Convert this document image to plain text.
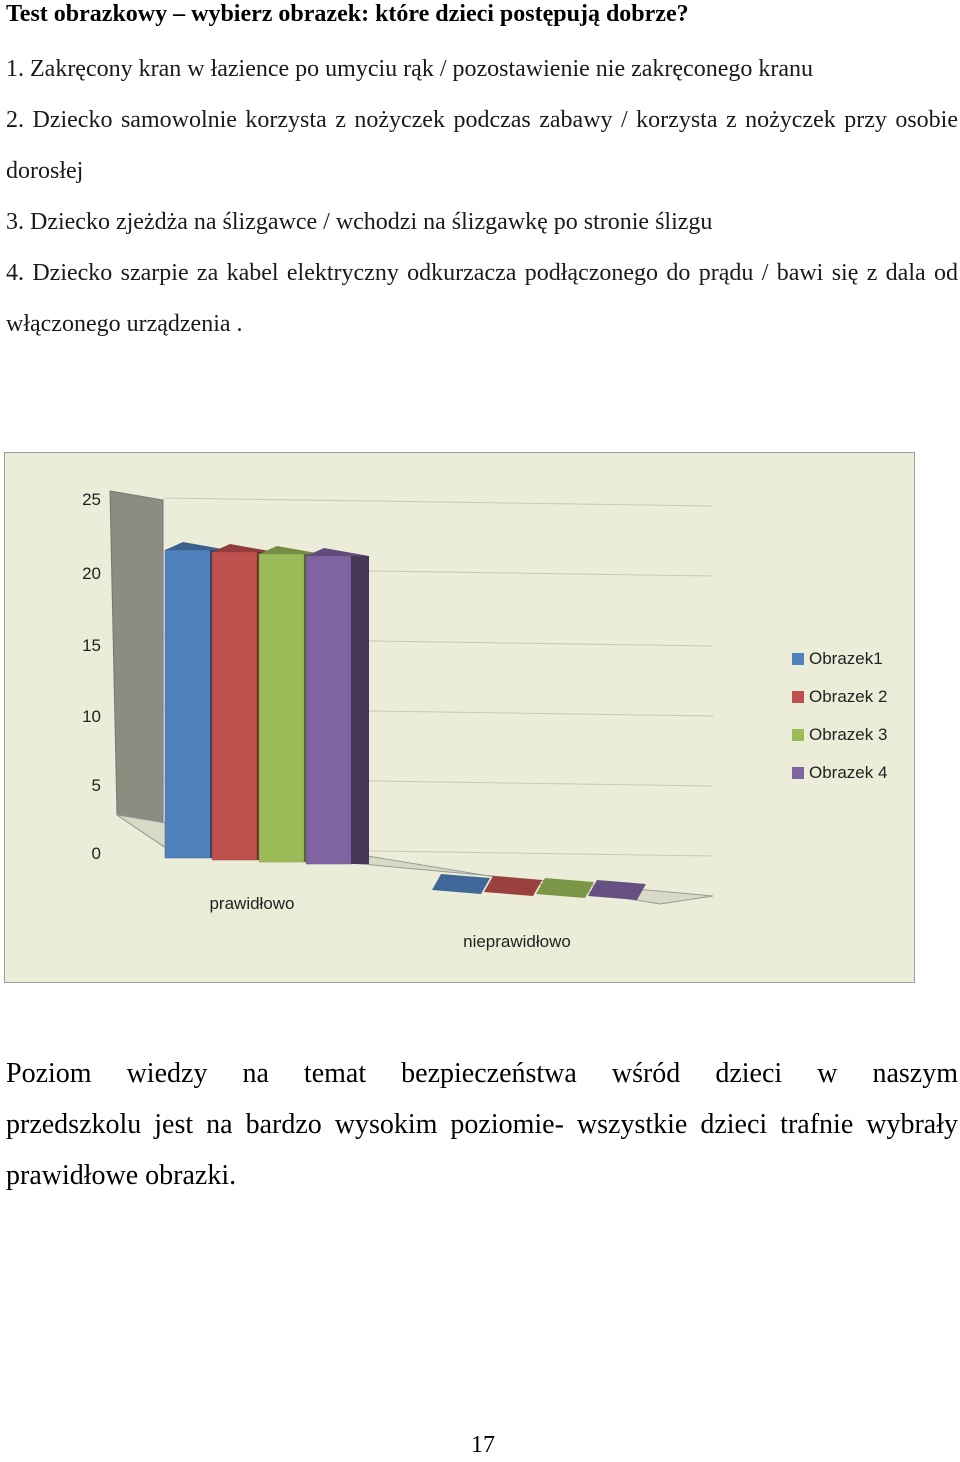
Test obrazkowy – wybierz obrazek: które dzieci postępują dobrze?
1. Zakręcony kran w łazience po umyciu rąk / pozostawienie nie zakręconego kranu
2. Dziecko samowolnie korzysta z nożyczek podczas zabawy / korzysta z nożyczek przy osobie dorosłej
3. Dziecko zjeżdża na ślizgawce / wchodzi na ślizgawkę po stronie ślizgu
4. Dziecko szarpie za kabel elektryczny odkurzacza podłączonego do prądu / bawi się z dala od włączonego urządzenia .
0
5
10
15
20
25
prawidłowo
nieprawidłowo
Obrazek1
Obrazek 2
Obrazek 3
Obrazek 4
Poziom wiedzy na temat bezpieczeństwa wśród dzieci w naszym
przedszkolu jest na bardzo wysokim poziomie- wszystkie dzieci trafnie wybrały prawidłowe obrazki.
17
